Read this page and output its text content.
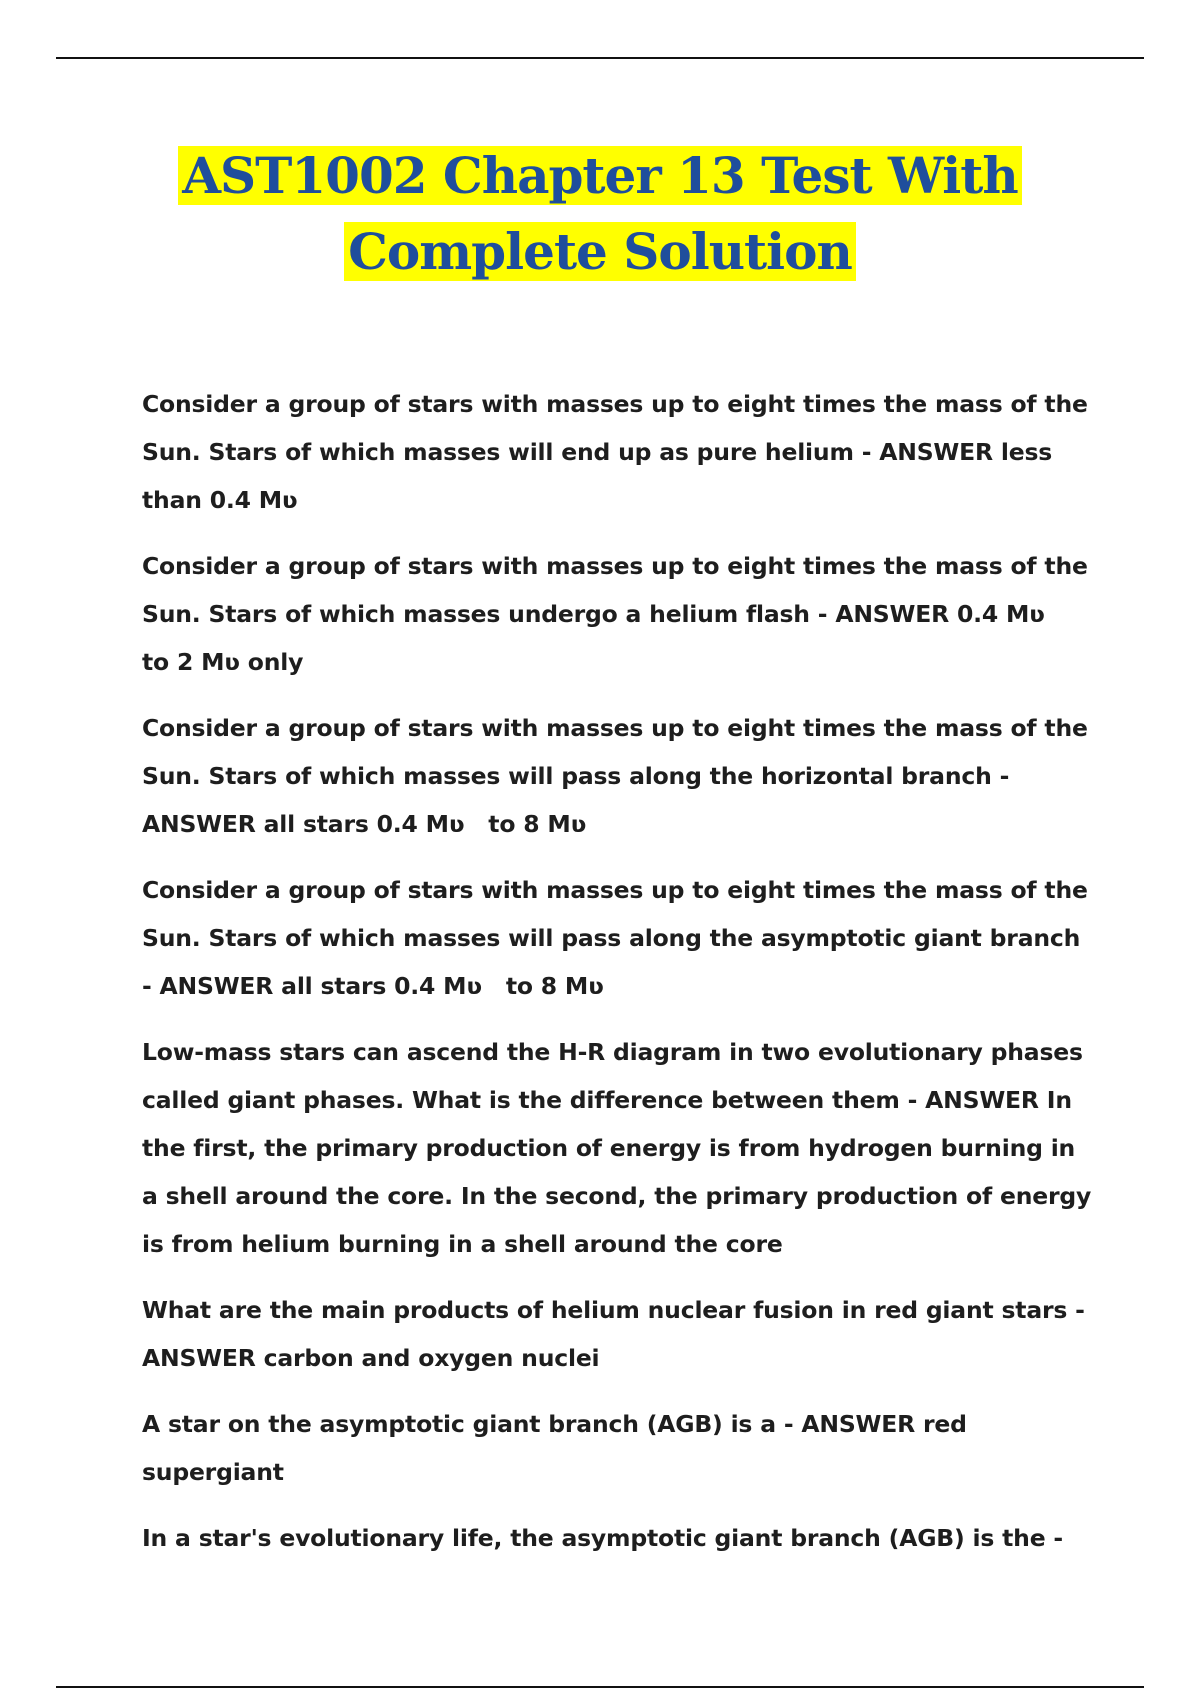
AST1002 Chapter 13 Test With
Complete Solution

Consider a group of stars with masses up to eight times the mass of the Sun. Stars of which masses will end up as pure helium - ANSWER less than 0.4 Mʋ

Consider a group of stars with masses up to eight times the mass of the Sun. Stars of which masses undergo a helium flash - ANSWER 0.4 Mʋ   to 2 Mʋ only

Consider a group of stars with masses up to eight times the mass of the Sun. Stars of which masses will pass along the horizontal branch - ANSWER all stars 0.4 Mʋ   to 8 Mʋ

Consider a group of stars with masses up to eight times the mass of the Sun. Stars of which masses will pass along the asymptotic giant branch - ANSWER all stars 0.4 Mʋ   to 8 Mʋ

Low-mass stars can ascend the H-R diagram in two evolutionary phases called giant phases. What is the difference between them - ANSWER In the first, the primary production of energy is from hydrogen burning in a shell around the core. In the second, the primary production of energy is from helium burning in a shell around the core

What are the main products of helium nuclear fusion in red giant stars - ANSWER carbon and oxygen nuclei

A star on the asymptotic giant branch (AGB) is a - ANSWER red supergiant

In a star's evolutionary life, the asymptotic giant branch (AGB) is the -
